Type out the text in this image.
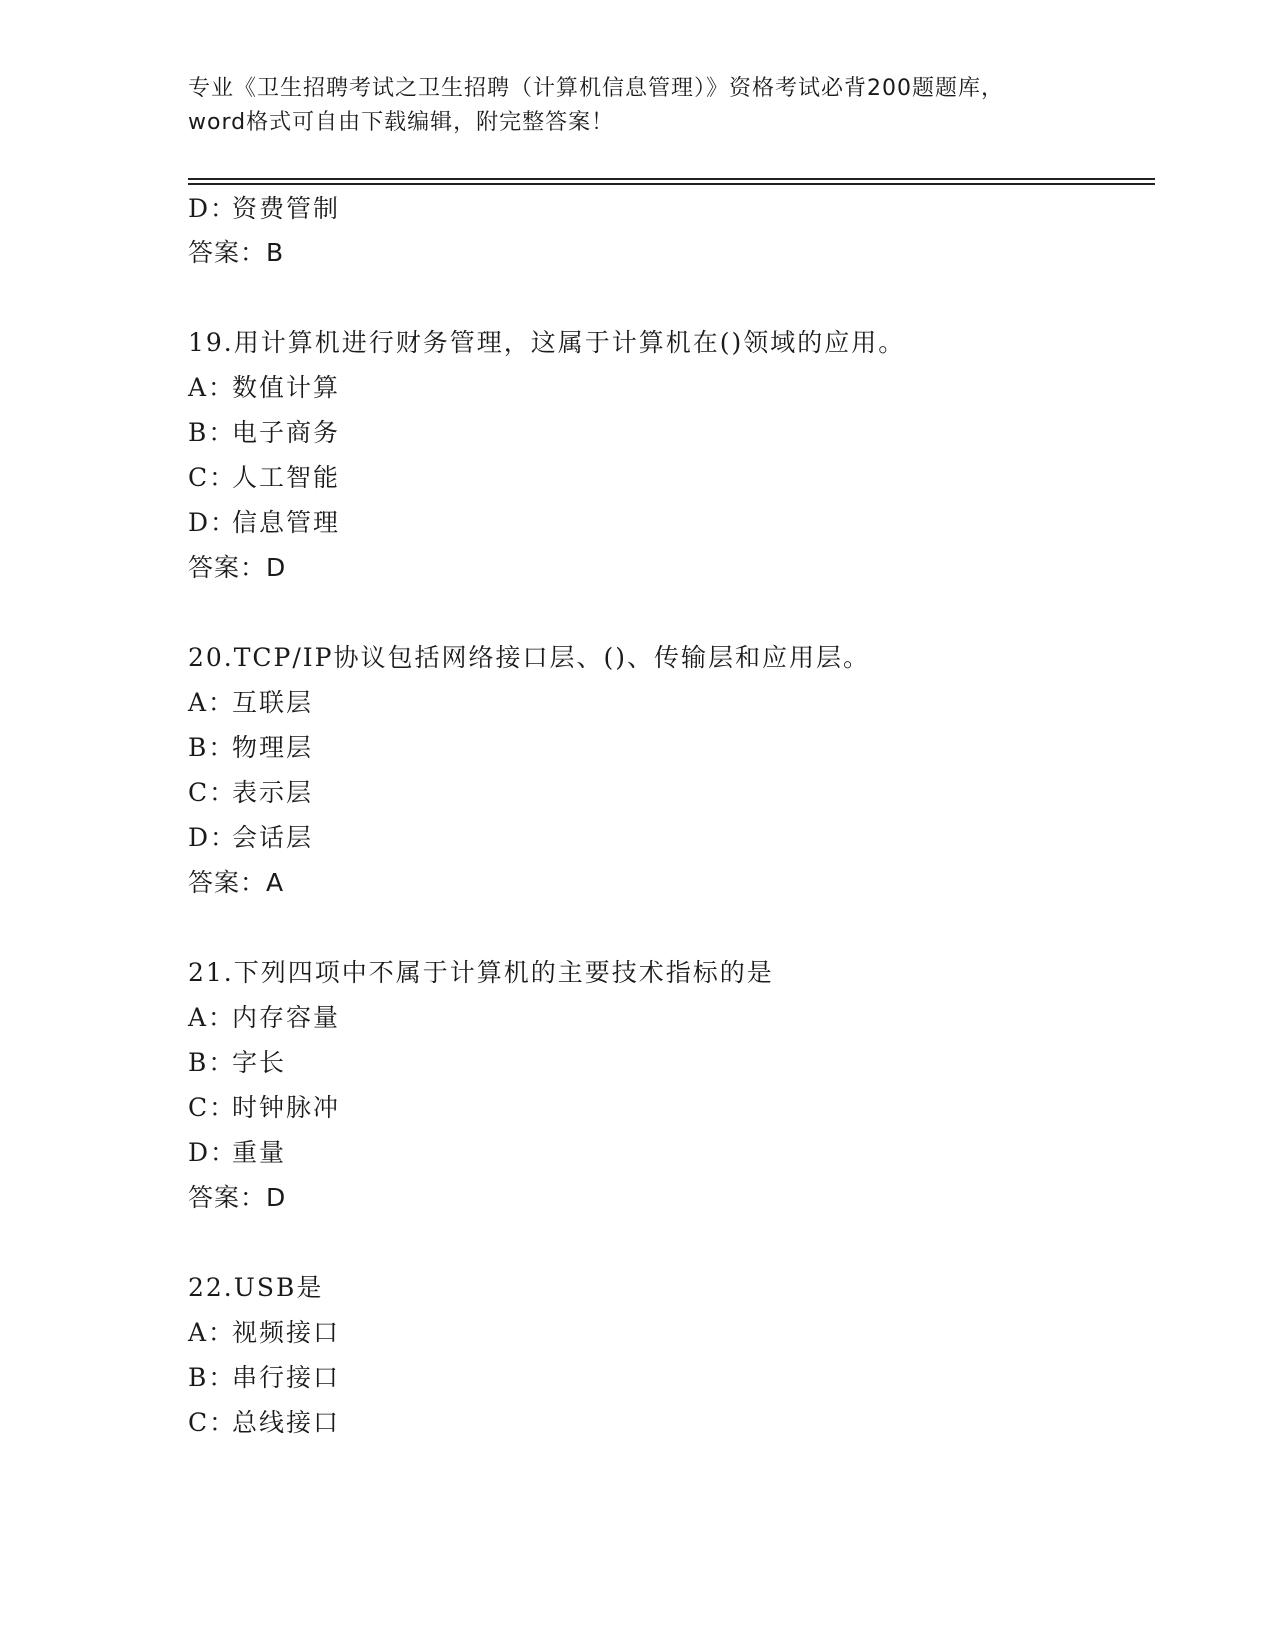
专业《卫生招聘考试之卫生招聘（计算机信息管理）》资格考试必背200题题库，
word格式可自由下载编辑，附完整答案！
D：资费管制
答案：B
19.用计算机进行财务管理，这属于计算机在()领域的应用。
A：数值计算
B：电子商务
C：人工智能
D：信息管理
答案：D
20.TCP/IP协议包括网络接口层、()、传输层和应用层。
A：互联层
B：物理层
C：表示层
D：会话层
答案：A
21.下列四项中不属于计算机的主要技术指标的是
A：内存容量
B：字长
C：时钟脉冲
D：重量
答案：D
22.USB是
A：视频接口
B：串行接口
C：总线接口
